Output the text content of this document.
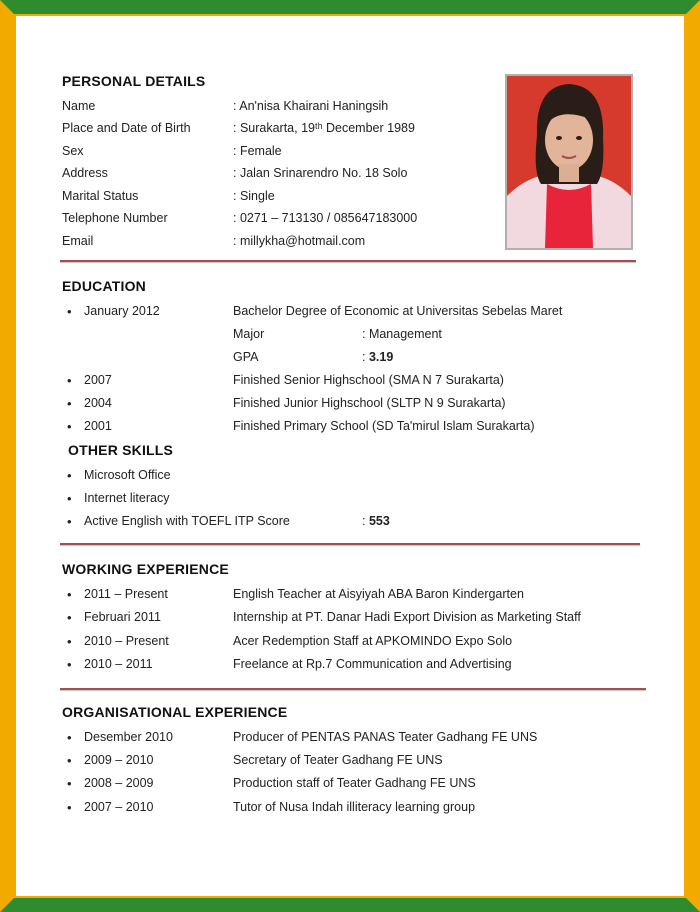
PERSONAL DETAILS
Name	: An'nisa Khairani Haningsih
Place and Date of Birth	: Surakarta, 19ᵗʰ December 1989
Sex	: Female
Address	: Jalan Srinarendro No. 18 Solo
Marital Status	: Single
Telephone Number	: 0271 – 713130 / 085647183000
Email	: millykha@hotmail.com
EDUCATION
• January 2012	Bachelor Degree of Economic at Universitas Sebelas Maret
Major	: Management
GPA	: 3.19
• 2007	Finished Senior Highschool (SMA N 7 Surakarta)
• 2004	Finished Junior Highschool (SLTP N 9 Surakarta)
• 2001	Finished Primary School (SD Ta'mirul Islam Surakarta)
OTHER SKILLS
• Microsoft Office
• Internet literacy
• Active English with TOEFL ITP Score	: 553
WORKING EXPERIENCE
• 2011 – Present	English Teacher at Aisyiyah ABA Baron Kindergarten
• Februari 2011	Internship at PT. Danar Hadi Export Division as Marketing Staff
• 2010 – Present	Acer Redemption Staff at APKOMINDO Expo Solo
• 2010 – 2011	Freelance at Rp.7 Communication and Advertising
ORGANISATIONAL EXPERIENCE
• Desember 2010	Producer of PENTAS PANAS Teater Gadhang FE UNS
• 2009 – 2010	Secretary of Teater Gadhang FE UNS
• 2008 – 2009	Production staff of Teater Gadhang FE UNS
• 2007 – 2010	Tutor of Nusa Indah illiteracy learning group
